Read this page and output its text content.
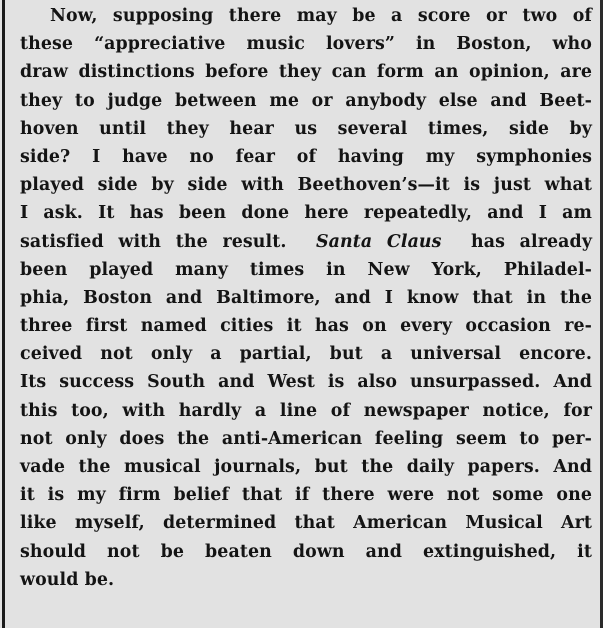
Now, supposing there may be a score or two of
these “appreciative music lovers” in Boston, who
draw distinctions before they can form an opinion, are
they to judge between me or anybody else and Beet-
hoven until they hear us several times, side by
side? I have no fear of having my symphonies
played side by side with Beethoven’s—it is just what
I ask. It has been done here repeatedly, and I am
satisfied with the result. Santa Claus has already
been played many times in New York, Philadel-
phia, Boston and Baltimore, and I know that in the
three first named cities it has on every occasion re-
ceived not only a partial, but a universal encore.
Its success South and West is also unsurpassed. And
this too, with hardly a line of newspaper notice, for
not only does the anti-American feeling seem to per-
vade the musical journals, but the daily papers. And
it is my firm belief that if there were not some one
like myself, determined that American Musical Art
should not be beaten down and extinguished, it
would be.
